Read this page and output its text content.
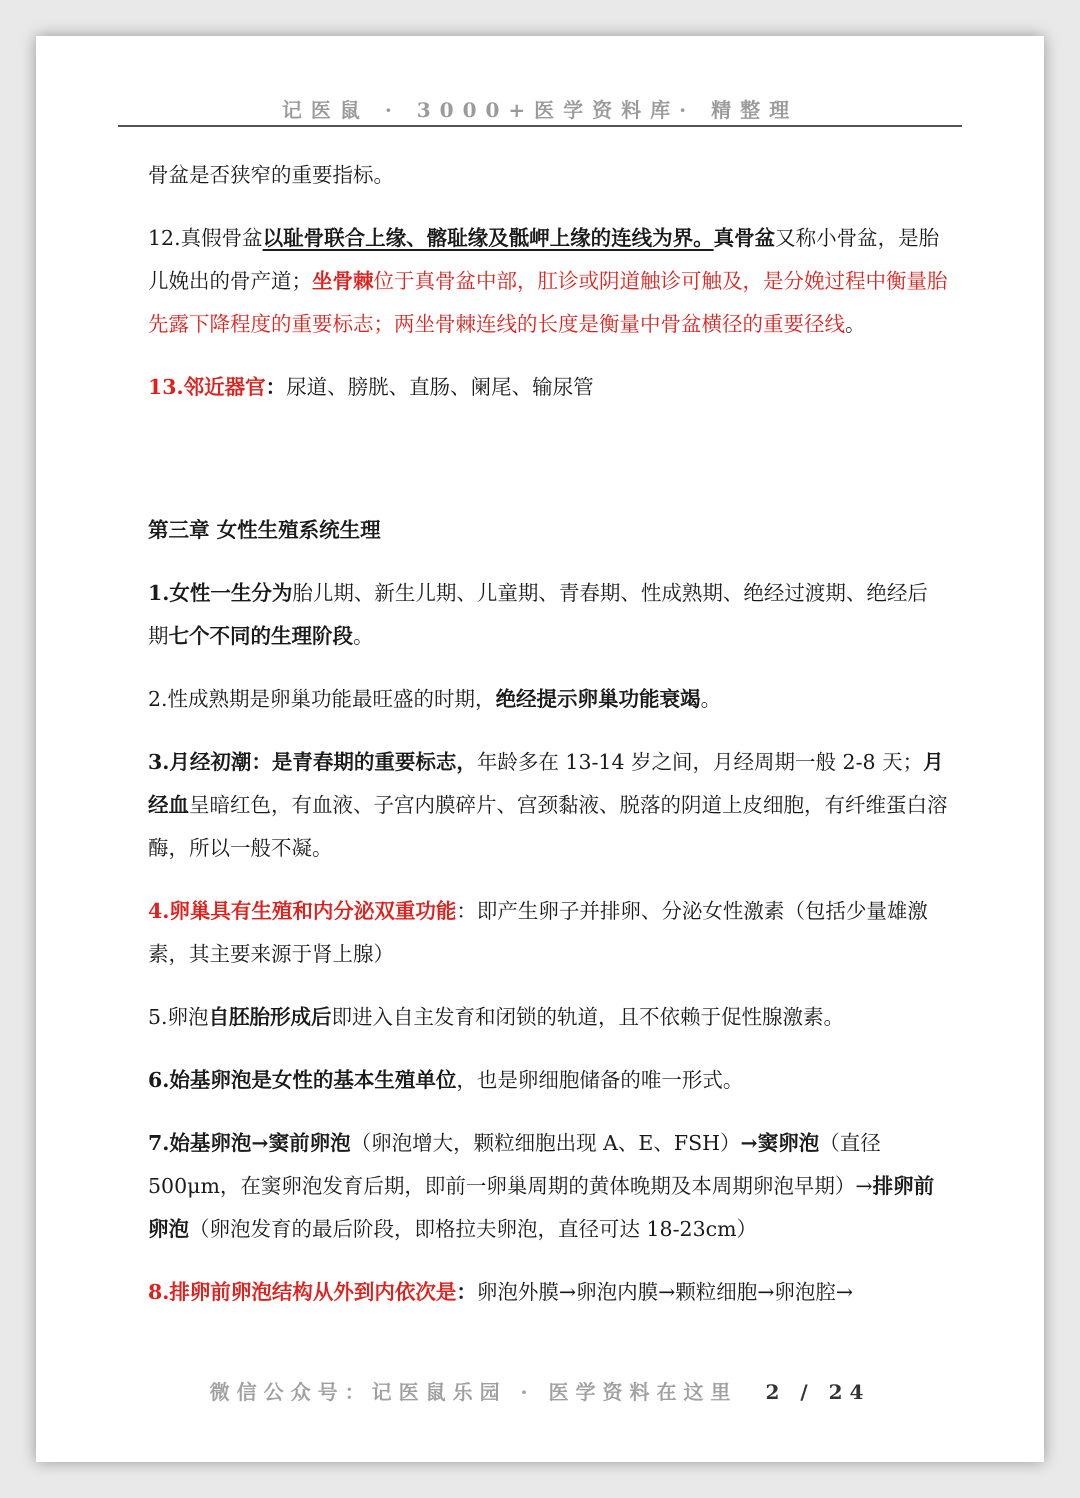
记医鼠 · 3000+医学资料库· 精整理

骨盆是否狭窄的重要指标。

12.真假骨盆以耻骨联合上缘、髂耻缘及骶岬上缘的连线为界。真骨盆又称小骨盆，是胎儿娩出的骨产道；坐骨棘位于真骨盆中部，肛诊或阴道触诊可触及，是分娩过程中衡量胎先露下降程度的重要标志；两坐骨棘连线的长度是衡量中骨盆横径的重要径线。

13.邻近器官：尿道、膀胱、直肠、阑尾、输尿管

第三章 女性生殖系统生理

1.女性一生分为胎儿期、新生儿期、儿童期、青春期、性成熟期、绝经过渡期、绝经后期七个不同的生理阶段。

2.性成熟期是卵巢功能最旺盛的时期，绝经提示卵巢功能衰竭。

3.月经初潮：是青春期的重要标志，年龄多在 13-14 岁之间，月经周期一般 2-8 天；月经血呈暗红色，有血液、子宫内膜碎片、宫颈黏液、脱落的阴道上皮细胞，有纤维蛋白溶酶，所以一般不凝。

4.卵巢具有生殖和内分泌双重功能：即产生卵子并排卵、分泌女性激素（包括少量雄激素，其主要来源于肾上腺）

5.卵泡自胚胎形成后即进入自主发育和闭锁的轨道，且不依赖于促性腺激素。

6.始基卵泡是女性的基本生殖单位，也是卵细胞储备的唯一形式。

7.始基卵泡→窦前卵泡（卵泡增大，颗粒细胞出现 A、E、FSH）→窦卵泡（直径500μm，在窦卵泡发育后期，即前一卵巢周期的黄体晚期及本周期卵泡早期）→排卵前卵泡（卵泡发育的最后阶段，即格拉夫卵泡，直径可达 18-23cm）

8.排卵前卵泡结构从外到内依次是：卵泡外膜→卵泡内膜→颗粒细胞→卵泡腔→

微信公众号：记医鼠乐园 · 医学资料在这里 2 / 24
